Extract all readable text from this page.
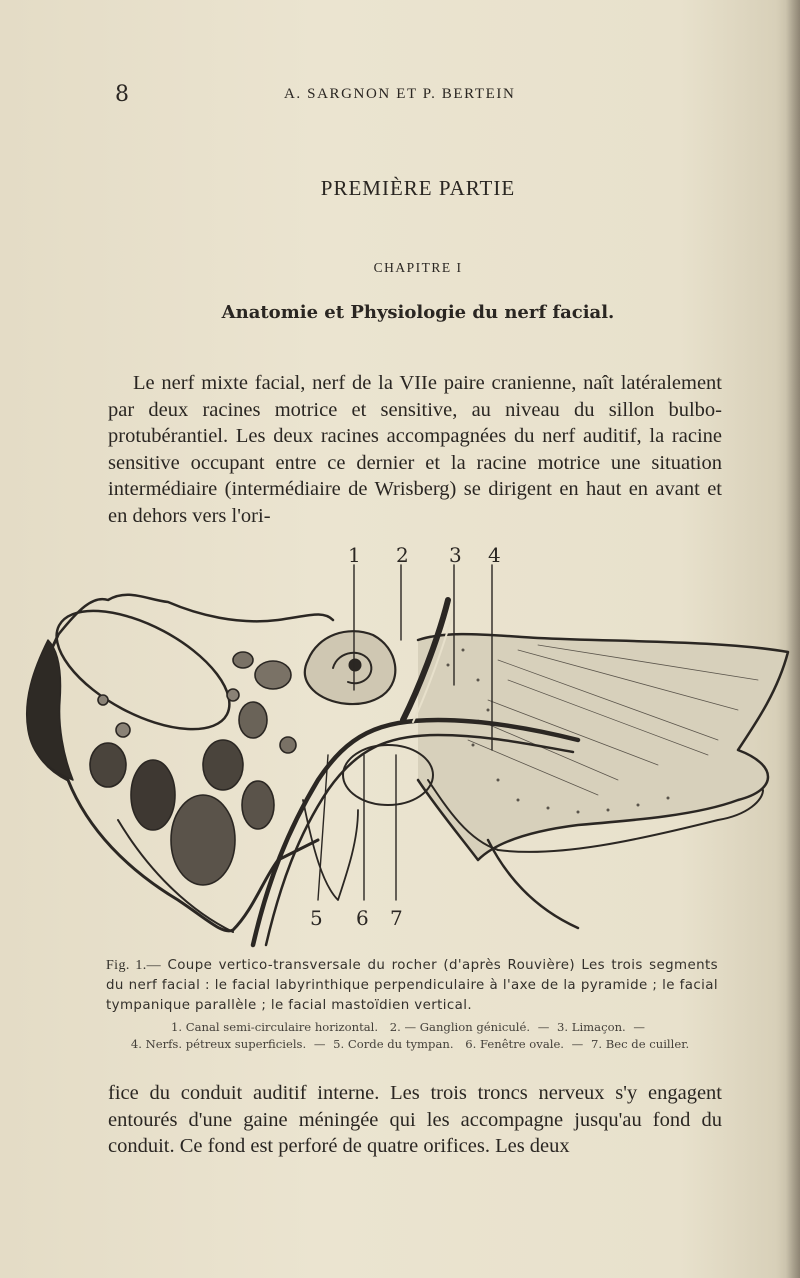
8	A. SARGNON ET P. BERTEIN
PREMIÈRE PARTIE
CHAPITRE I
Anatomie et Physiologie du nerf facial.

Le nerf mixte facial, nerf de la VIIe paire cranienne, naît latéralement par deux racines motrice et sensitive, au niveau du sillon bulbo-protubérantiel. Les deux racines accompagnées du nerf auditif, la racine sensitive occupant entre ce dernier et la racine motrice une situation intermédiaire (intermédiaire de Wrisberg) se dirigent en haut en avant et en dehors vers l'ori-

1 2 3 4
5 6 7
Fig. 1.— Coupe vertico-transversale du rocher (d'après Rouvière) Les trois segments du nerf facial : le facial labyrinthique perpendiculaire à l'axe de la pyramide ; le facial tympanique parallèle ; le facial mastoïdien vertical.
1. Canal semi-circulaire horizontal. 2. — Ganglion géniculé. — 3. Limaçon. — 4. Nerfs. pétreux superficiels. — 5. Corde du tympan. 6. Fenêtre ovale. — 7. Bec de cuiller.

fice du conduit auditif interne. Les trois troncs nerveux s'y engagent entourés d'une gaine méningée qui les accompagne jusqu'au fond du conduit. Ce fond est perforé de quatre orifices. Les deux
